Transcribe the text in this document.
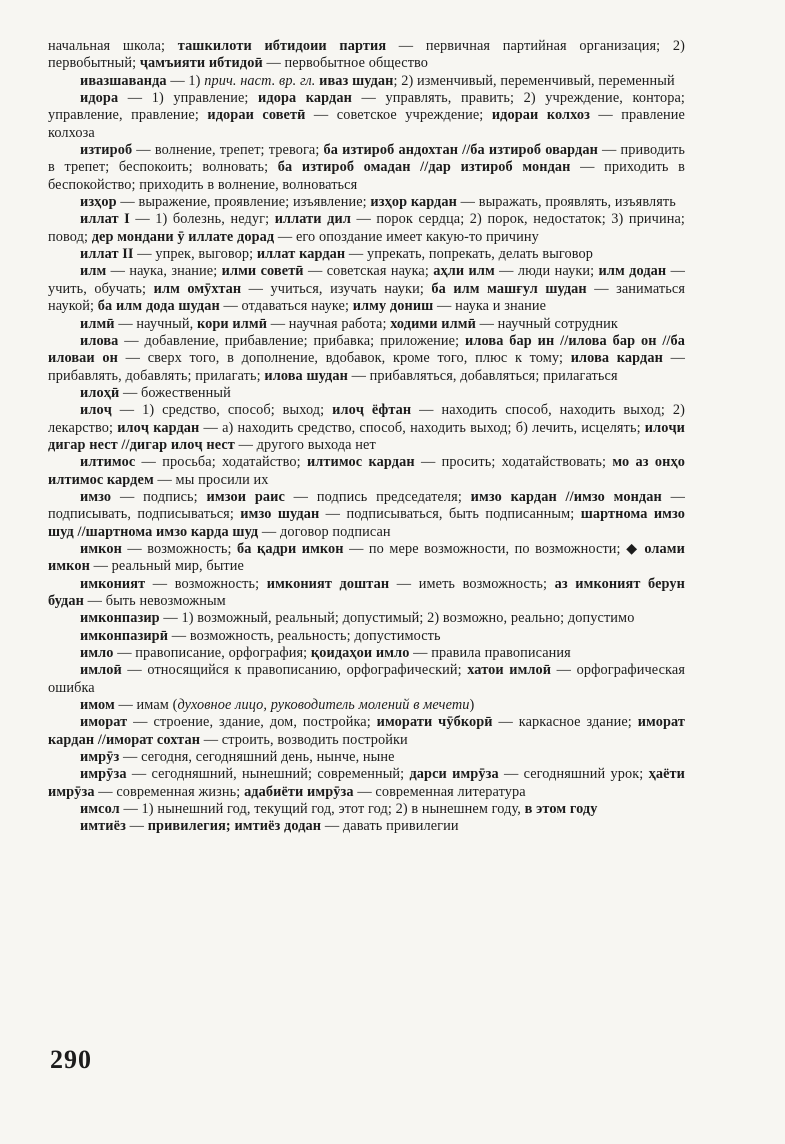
начальная школа; ташкилоти ибтидоии партия — первичная партийная организация; 2) первобытный; ҷамъияти ибтидоӣ — первобытное общество

ивазшаванда — 1) прич. наст. вр. гл. иваз шудан; 2) изменчивый, переменчивый, переменный

идора — 1) управление; идора кардан — управлять, править; 2) учреждение, контора; управление, правление; идораи советӣ — советское учреждение; идораи колхоз — правление колхоза

изтироб — волнение, трепет; тревога; ба изтироб андохтан //ба изтироб овардан — приводить в трепет; беспокоить; волновать; ба изтироб омадан //дар изтироб мондан — приходить в беспокойство; приходить в волнение, волноваться

изҳор — выражение, проявление; изъявление; изҳор кардан — выражать, проявлять, изъявлять

иллат I — 1) болезнь, недуг; иллати дил — порок сердца; 2) порок, недостаток; 3) причина; повод; дер мондани ӯ иллате дорад — его опоздание имеет какую-то причину

иллат II — упрек, выговор; иллат кардан — упрекать, попрекать, делать выговор

илм — наука, знание; илми советӣ — советская наука; аҳли илм — люди науки; илм додан — учить, обучать; илм омӯхтан — учиться, изучать науки; ба илм машғул шудан — заниматься наукой; ба илм дода шудан — отдаваться науке; илму дониш — наука и знание

илмӣ — научный, кори илмӣ — научная работа; ходими илмӣ — научный сотрудник

илова — добавление, прибавление; прибавка; приложение; илова бар ин //илова бар он //ба иловаи он — сверх того, в дополнение, вдобавок, кроме того, плюс к тому; илова кардан — прибавлять, добавлять; прилагать; илова шудан — прибавляться, добавляться; прилагаться

илоҳӣ — божественный

илоҷ — 1) средство, способ; выход; илоҷ ёфтан — находить способ, находить выход; 2) лекарство; илоҷ кардан — а) находить средство, способ, находить выход; б) лечить, исцелять; илоҷи дигар нест //дигар илоҷ нест — другого выхода нет

илтимос — просьба; ходатайство; илтимос кардан — просить; ходатайствовать; мо аз онҳо илтимос кардем — мы просили их

имзо — подпись; имзои раис — подпись председателя; имзо кардан //имзо мондан — подписывать, подписываться; имзо шудан — подписываться, быть подписанным; шартнома имзо шуд //шартнома имзо карда шуд — договор подписан

имкон — возможность; ба қадри имкон — по мере возможности, по возможности; ◆ олами имкон — реальный мир, бытие

имконият — возможность; имконият доштан — иметь возможность; аз имконият берун будан — быть невозможным

имконпазир — 1) возможный, реальный; допустимый; 2) возможно, реально; допустимо

имконпазирӣ — возможность, реальность; допустимость

имло — правописание, орфография; қоидаҳои имло — правила правописания

имлоӣ — относящийся к правописанию, орфографический; хатои имлоӣ — орфографическая ошибка

имом — имам (духовное лицо, руководитель молений в мечети)

иморат — строение, здание, дом, постройка; иморати чӯбкорӣ — каркасное здание; иморат кардан //иморат сохтан — строить, возводить постройки

имрӯз — сегодня, сегодняшний день, нынче, ныне

имрӯза — сегодняшний, нынешний; современный; дарси имрӯза — сегодняшний урок; ҳаёти имрӯза — современная жизнь; адабиёти имрӯза — современная литература

имсол — 1) нынешний год, текущий год, этот год; 2) в нынешнем году, в этом году

имтиёз — привилегия; имтиёз додан — давать привилегии

290
